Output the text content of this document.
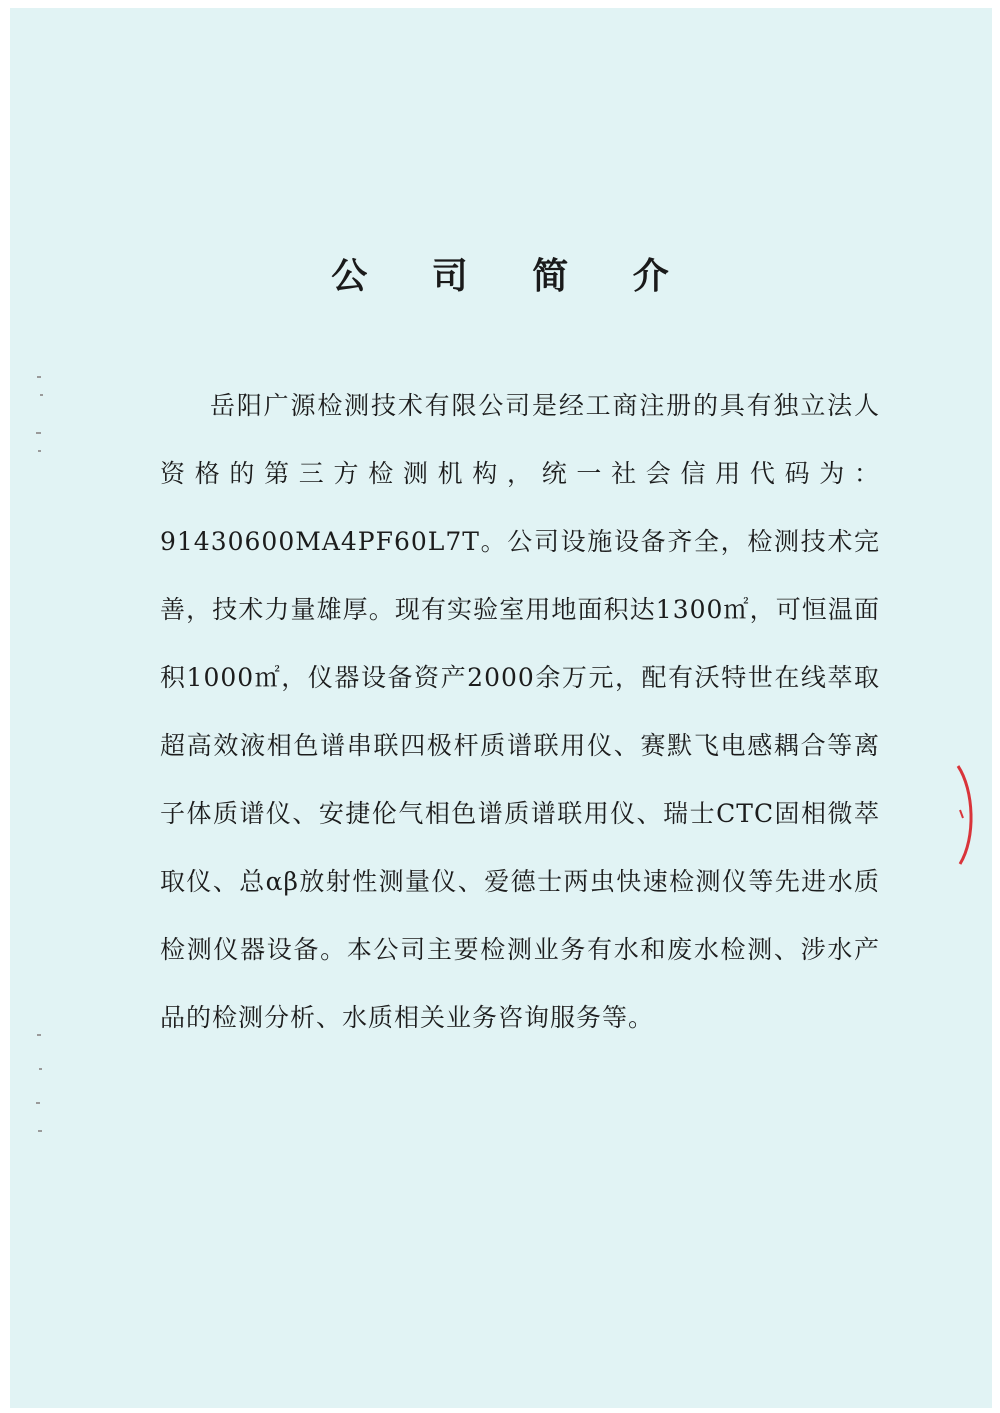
公 司 简 介
岳阳广源检测技术有限公司是经工商注册的具有独立法人资格的第三方检测机构，统一社会信用代码为：91430600MA4PF60L7T。公司设施设备齐全，检测技术完善，技术力量雄厚。现有实验室用地面积达1300㎡，可恒温面积1000㎡，仪器设备资产2000余万元，配有沃特世在线萃取超高效液相色谱串联四极杆质谱联用仪、赛默飞电感耦合等离子体质谱仪、安捷伦气相色谱质谱联用仪、瑞士CTC固相微萃取仪、总αβ放射性测量仪、爱德士两虫快速检测仪等先进水质检测仪器设备。本公司主要检测业务有水和废水检测、涉水产品的检测分析、水质相关业务咨询服务等。
